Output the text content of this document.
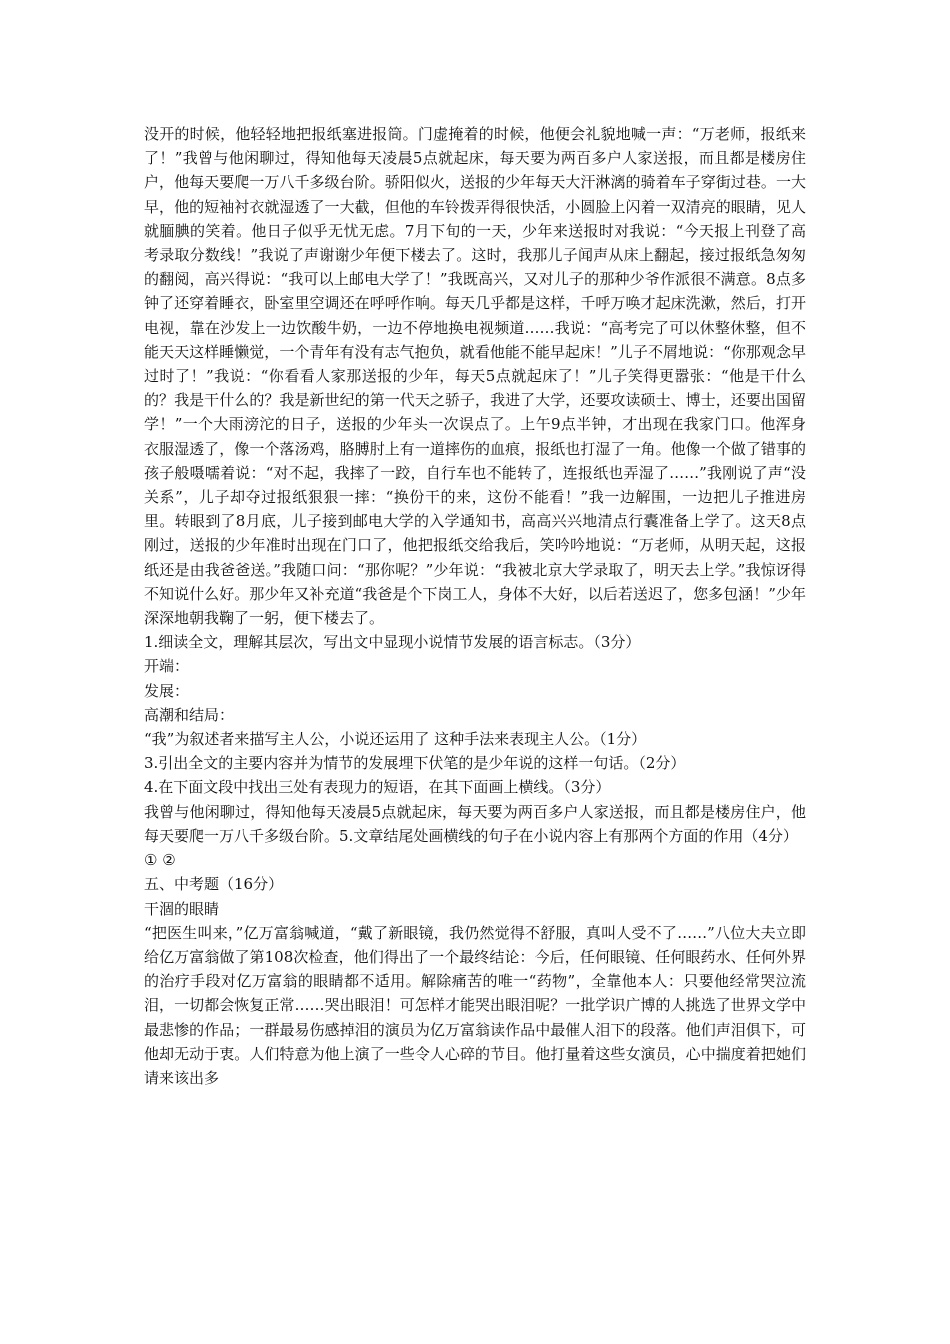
没开的时候，他轻轻地把报纸塞进报筒。门虚掩着的时候，他便会礼貌地喊一声：“万老师，报纸来了！”我曾与他闲聊过，得知他每天凌晨5点就起床，每天要为两百多户人家送报，而且都是楼房住户，他每天要爬一万八千多级台阶。骄阳似火，送报的少年每天大汗淋漓的骑着车子穿街过巷。一大早，他的短袖衬衣就湿透了一大截，但他的车铃拨弄得很快活，小圆脸上闪着一双清亮的眼睛，见人就腼腆的笑着。他日子似乎无忧无虑。7月下旬的一天，少年来送报时对我说：“今天报上刊登了高考录取分数线！”我说了声谢谢少年便下楼去了。这时，我那儿子闻声从床上翻起，接过报纸急匆匆的翻阅，高兴得说：“我可以上邮电大学了！”我既高兴，又对儿子的那种少爷作派很不满意。8点多钟了还穿着睡衣，卧室里空调还在呼呼作响。每天几乎都是这样，千呼万唤才起床洗漱，然后，打开电视，靠在沙发上一边饮酸牛奶，一边不停地换电视频道……我说：“高考完了可以休整休整，但不能天天这样睡懒觉，一个青年有没有志气抱负，就看他能不能早起床！”儿子不屑地说：“你那观念早过时了！”我说：“你看看人家那送报的少年，每天5点就起床了！”儿子笑得更嚣张：“他是干什么的？我是干什么的？我是新世纪的第一代天之骄子，我进了大学，还要攻读硕士、博士，还要出国留学！”一个大雨滂沱的日子，送报的少年头一次误点了。上午9点半钟，才出现在我家门口。他浑身衣服湿透了，像一个落汤鸡，胳膊肘上有一道摔伤的血痕，报纸也打湿了一角。他像一个做了错事的孩子般嗫嚅着说：“对不起，我摔了一跤，自行车也不能转了，连报纸也弄湿了……”我刚说了声“没关系”，儿子却夺过报纸狠狠一摔：“换份干的来，这份不能看！”我一边解围，一边把儿子推进房里。转眼到了8月底，儿子接到邮电大学的入学通知书，高高兴兴地清点行囊准备上学了。这天8点刚过，送报的少年准时出现在门口了，他把报纸交给我后，笑吟吟地说：“万老师，从明天起，这报纸还是由我爸爸送。”我随口问：“那你呢？”少年说：“我被北京大学录取了，明天去上学。”我惊讶得不知说什么好。那少年又补充道“我爸是个下岗工人，身体不大好，以后若送迟了，您多包涵！”少年深深地朝我鞠了一躬，便下楼去了。

1.细读全文，理解其层次，写出文中显现小说情节发展的语言标志。（3分）

开端：

发展：

高潮和结局：

“我”为叙述者来描写主人公，小说还运用了 这种手法来表现主人公。（1分）

3.引出全文的主要内容并为情节的发展埋下伏笔的是少年说的这样一句话。（2分）

4.在下面文段中找出三处有表现力的短语，在其下面画上横线。（3分）

我曾与他闲聊过，得知他每天凌晨5点就起床，每天要为两百多户人家送报，而且都是楼房住户，他每天要爬一万八千多级台阶。5.文章结尾处画横线的句子在小说内容上有那两个方面的作用（4分）

① ②

五、中考题（16分）

干涸的眼睛

“把医生叫来，”亿万富翁喊道，“戴了新眼镜，我仍然觉得不舒服，真叫人受不了……”八位大夫立即给亿万富翁做了第108次检查，他们得出了一个最终结论：今后，任何眼镜、任何眼药水、任何外界的治疗手段对亿万富翁的眼睛都不适用。解除痛苦的唯一“药物”，全靠他本人：只要他经常哭泣流泪，一切都会恢复正常……哭出眼泪！可怎样才能哭出眼泪呢？一批学识广博的人挑选了世界文学中最悲惨的作品；一群最易伤感掉泪的演员为亿万富翁读作品中最催人泪下的段落。他们声泪俱下，可他却无动于衷。人们特意为他上演了一些令人心碎的节目。他打量着这些女演员，心中揣度着把她们请来该出多
